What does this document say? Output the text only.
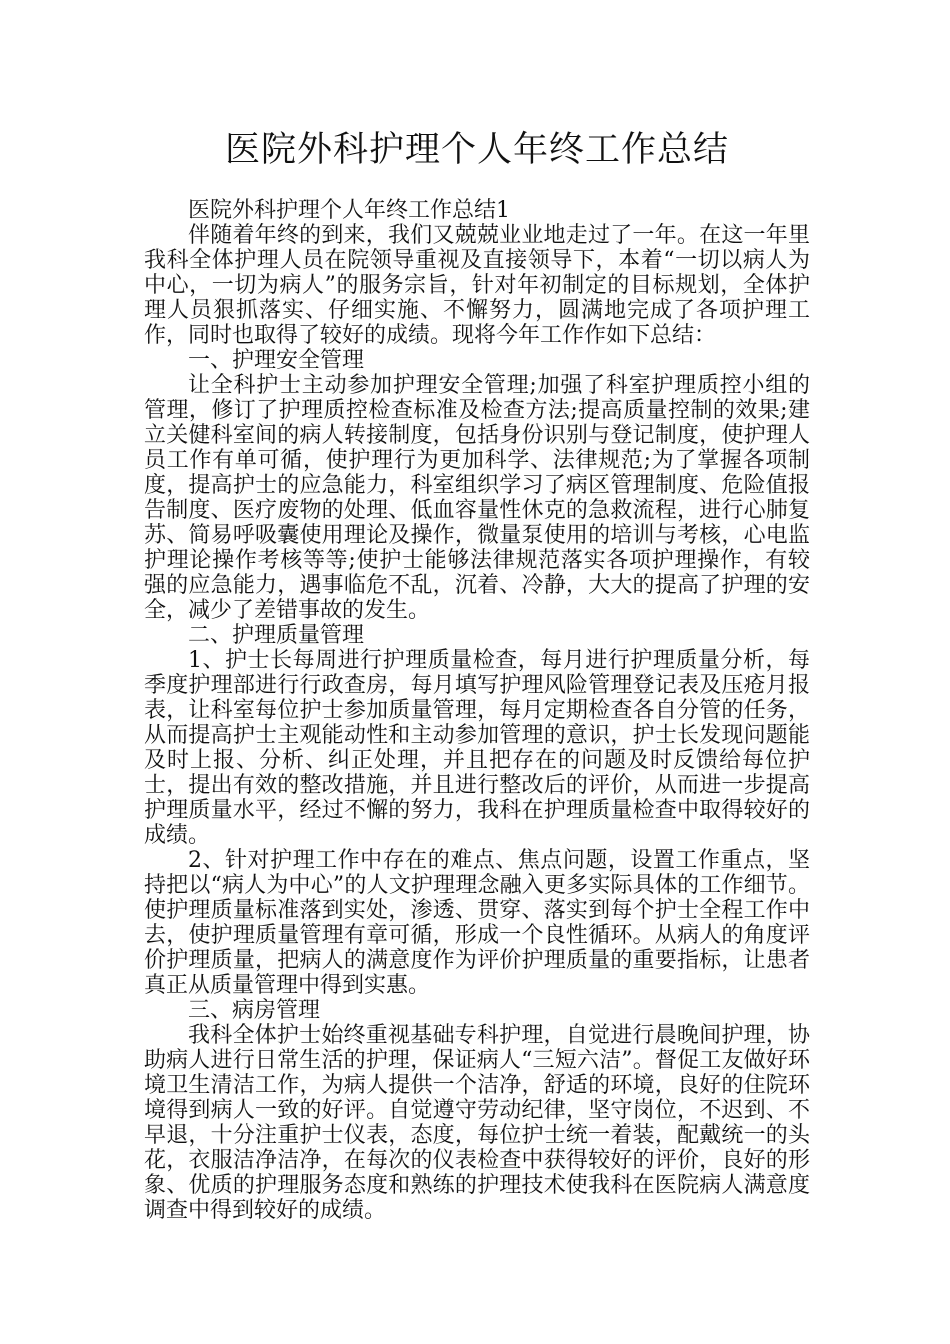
医院外科护理个人年终工作总结

医院外科护理个人年终工作总结1

伴随着年终的到来，我们又兢兢业业地走过了一年。在这一年里我科全体护理人员在院领导重视及直接领导下，本着“一切以病人为中心，一切为病人”的服务宗旨，针对年初制定的目标规划，全体护理人员狠抓落实、仔细实施、不懈努力，圆满地完成了各项护理工作，同时也取得了较好的成绩。现将今年工作作如下总结：

一、护理安全管理

让全科护士主动参加护理安全管理;加强了科室护理质控小组的管理，修订了护理质控检查标准及检查方法;提高质量控制的效果;建立关健科室间的病人转接制度，包括身份识别与登记制度，使护理人员工作有单可循，使护理行为更加科学、法律规范;为了掌握各项制度，提高护士的应急能力，科室组织学习了病区管理制度、危险值报告制度、医疗废物的处理、低血容量性休克的急救流程，进行心肺复苏、简易呼吸囊使用理论及操作，微量泵使用的培训与考核，心电监护理论操作考核等等;使护士能够法律规范落实各项护理操作，有较强的应急能力，遇事临危不乱，沉着、冷静，大大的提高了护理的安全，减少了差错事故的发生。

二、护理质量管理

1、护士长每周进行护理质量检查，每月进行护理质量分析，每季度护理部进行行政查房，每月填写护理风险管理登记表及压疮月报表，让科室每位护士参加质量管理，每月定期检查各自分管的任务，从而提高护士主观能动性和主动参加管理的意识，护士长发现问题能及时上报、分析、纠正处理，并且把存在的问题及时反馈给每位护士，提出有效的整改措施，并且进行整改后的评价，从而进一步提高护理质量水平，经过不懈的努力，我科在护理质量检查中取得较好的成绩。

2、针对护理工作中存在的难点、焦点问题，设置工作重点，坚持把以“病人为中心”的人文护理理念融入更多实际具体的工作细节。使护理质量标准落到实处，渗透、贯穿、落实到每个护士全程工作中去，使护理质量管理有章可循，形成一个良性循环。从病人的角度评价护理质量，把病人的满意度作为评价护理质量的重要指标，让患者真正从质量管理中得到实惠。

三、病房管理

我科全体护士始终重视基础专科护理，自觉进行晨晚间护理，协助病人进行日常生活的护理，保证病人“三短六洁”。督促工友做好环境卫生清洁工作，为病人提供一个洁净，舒适的环境，良好的住院环境得到病人一致的好评。自觉遵守劳动纪律，坚守岗位，不迟到、不早退，十分注重护士仪表，态度，每位护士统一着装，配戴统一的头花，衣服洁净洁净，在每次的仪表检查中获得较好的评价，良好的形象、优质的护理服务态度和熟练的护理技术使我科在医院病人满意度调查中得到较好的成绩。
